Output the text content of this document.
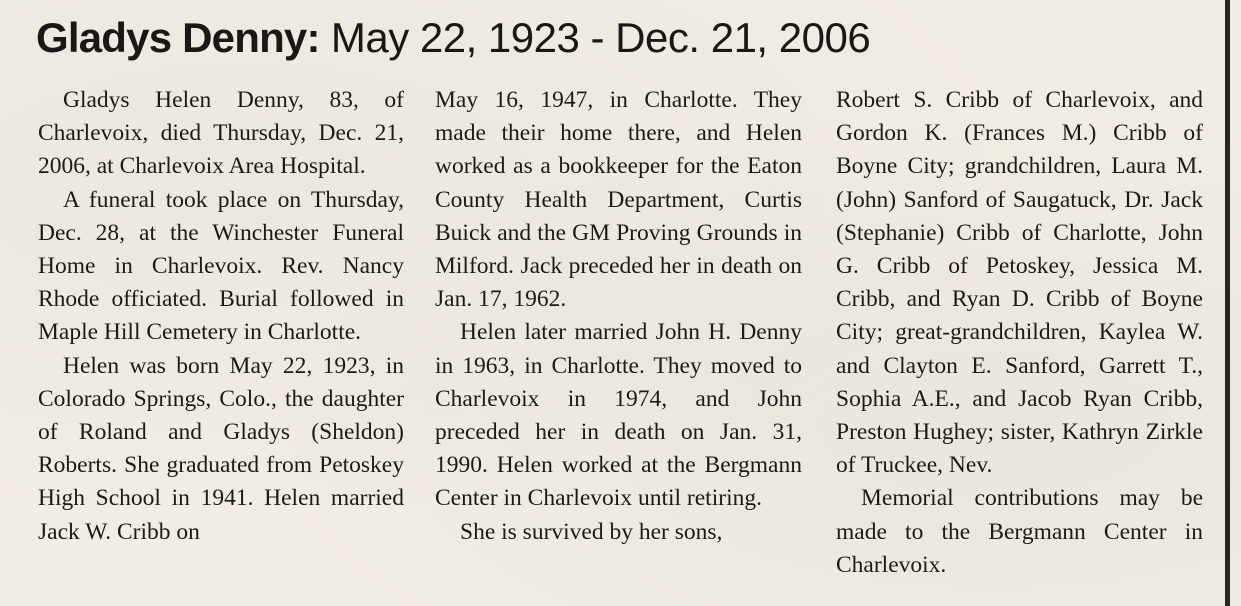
Gladys Denny: May 22, 1923 - Dec. 21, 2006

Gladys Helen Denny, 83, of Charlevoix, died Thursday, Dec. 21, 2006, at Charlevoix Area Hospital.

A funeral took place on Thursday, Dec. 28, at the Winchester Funeral Home in Charlevoix. Rev. Nancy Rhode officiated. Burial followed in Maple Hill Cemetery in Charlotte.

Helen was born May 22, 1923, in Colorado Springs, Colo., the daughter of Roland and Gladys (Sheldon) Roberts. She graduated from Petoskey High School in 1941. Helen married Jack W. Cribb on

May 16, 1947, in Charlotte. They made their home there, and Helen worked as a bookkeeper for the Eaton County Health Department, Curtis Buick and the GM Proving Grounds in Milford. Jack preceded her in death on Jan. 17, 1962.

Helen later married John H. Denny in 1963, in Charlotte. They moved to Charlevoix in 1974, and John preceded her in death on Jan. 31, 1990. Helen worked at the Bergmann Center in Charlevoix until retiring.

She is survived by her sons,

Robert S. Cribb of Charlevoix, and Gordon K. (Frances M.) Cribb of Boyne City; grandchildren, Laura M. (John) Sanford of Saugatuck, Dr. Jack (Stephanie) Cribb of Charlotte, John G. Cribb of Petoskey, Jessica M. Cribb, and Ryan D. Cribb of Boyne City; great-grandchildren, Kaylea W. and Clayton E. Sanford, Garrett T., Sophia A.E., and Jacob Ryan Cribb, Preston Hughey; sister, Kathryn Zirkle of Truckee, Nev.

Memorial contributions may be made to the Bergmann Center in Charlevoix.
